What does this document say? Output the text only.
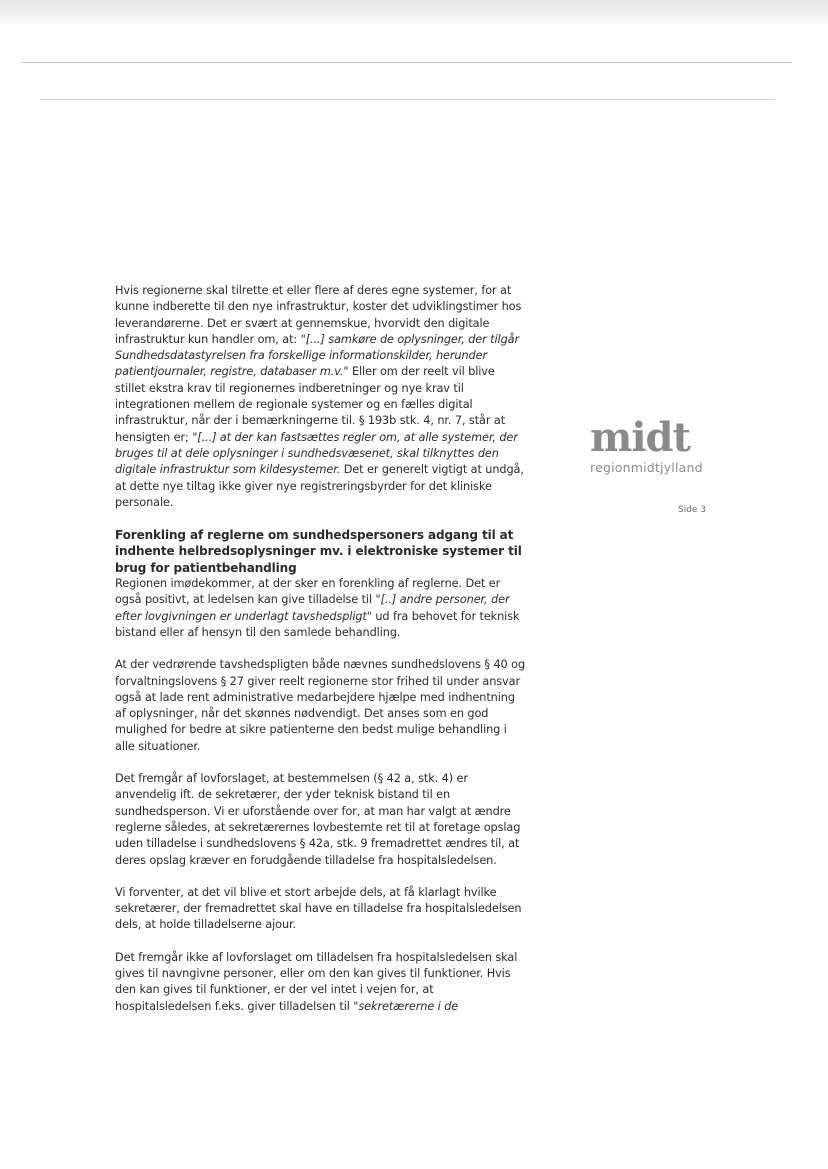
Hvis regionerne skal tilrette et eller flere af deres egne systemer, for at kunne indberette til den nye infrastruktur, koster det udviklingstimer hos leverandørerne. Det er svært at gennemskue, hvorvidt den digitale infrastruktur kun handler om, at: "[...] samkøre de oplysninger, der tilgår Sundhedsdatastyrelsen fra forskellige informationskilder, herunder patientjournaler, registre, databaser m.v." Eller om der reelt vil blive stillet ekstra krav til regionernes indberetninger og nye krav til integrationen mellem de regionale systemer og en fælles digital infrastruktur, når der i bemærkningerne til. § 193b stk. 4, nr. 7, står at hensigten er; "[...] at der kan fastsættes regler om, at alle systemer, der bruges til at dele oplysninger i sundhedsvæsenet, skal tilknyttes den digitale infrastruktur som kildesystemer. Det er generelt vigtigt at undgå, at dette nye tiltag ikke giver nye registreringsbyrder for det kliniske personale.

Forenkling af reglerne om sundhedspersoners adgang til at indhente helbredsoplysninger mv. i elektroniske systemer til brug for patientbehandling
Regionen imødekommer, at der sker en forenkling af reglerne. Det er også positivt, at ledelsen kan give tilladelse til "[..] andre personer, der efter lovgivningen er underlagt tavshedspligt" ud fra behovet for teknisk bistand eller af hensyn til den samlede behandling.

At der vedrørende tavshedspligten både nævnes sundhedslovens § 40 og forvaltningslovens § 27 giver reelt regionerne stor frihed til under ansvar også at lade rent administrative medarbejdere hjælpe med indhentning af oplysninger, når det skønnes nødvendigt. Det anses som en god mulighed for bedre at sikre patienterne den bedst mulige behandling i alle situationer.

Det fremgår af lovforslaget, at bestemmelsen (§ 42 a, stk. 4) er anvendelig ift. de sekretærer, der yder teknisk bistand til en sundhedsperson. Vi er uforstående over for, at man har valgt at ændre reglerne således, at sekretærernes lovbestemte ret til at foretage opslag uden tilladelse i sundhedslovens § 42a, stk. 9 fremadrettet ændres til, at deres opslag kræver en forudgående tilladelse fra hospitalsledelsen.

Vi forventer, at det vil blive et stort arbejde dels, at få klarlagt hvilke sekretærer, der fremadrettet skal have en tilladelse fra hospitalsledelsen dels, at holde tilladelserne ajour.

Det fremgår ikke af lovforslaget om tilladelsen fra hospitalsledelsen skal gives til navngivne personer, eller om den kan gives til funktioner. Hvis den kan gives til funktioner, er der vel intet i vejen for, at hospitalsledelsen f.eks. giver tilladelsen til "sekretærerne i de

midt
regionmidtjylland
Side 3
